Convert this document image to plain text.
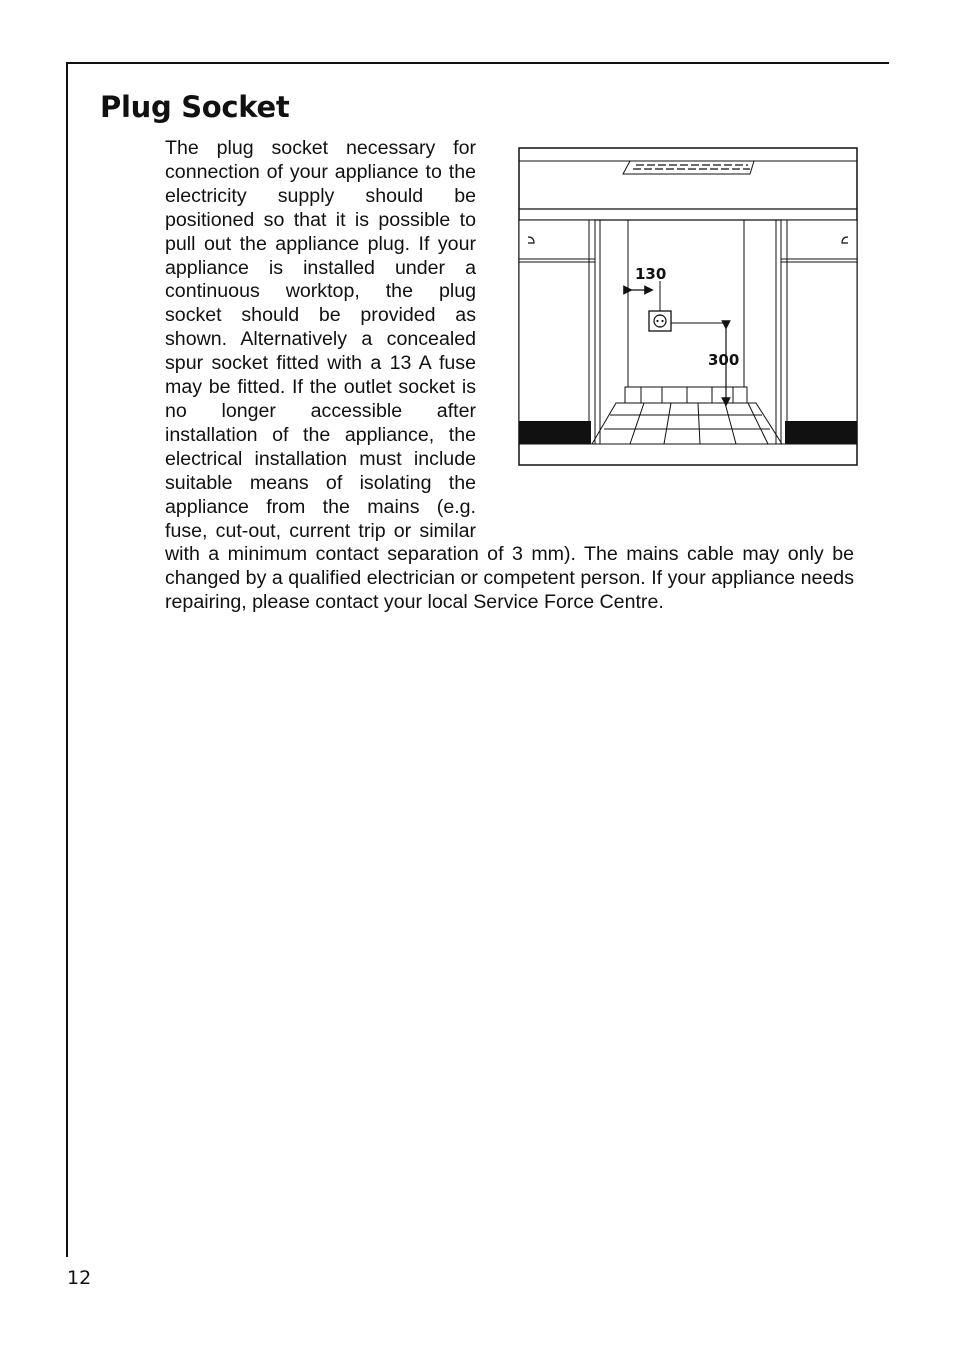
Plug Socket
The plug socket necessary for connection of your appliance to the electricity supply should be positioned so that it is possible to pull out the appliance plug. If your appliance is installed under a continuous worktop, the plug socket should be provided as shown. Alternatively a concealed spur socket fitted with a 13 A fuse may be fitted. If the outlet socket is no longer accessible after installation of the appliance, the electrical installation must include suitable means of isolating the appliance from the mains (e.g. fuse, cut-out, current trip or similar with a minimum contact separation of 3 mm). The mains cable may only be changed by a qualified electrician or competent person. If your appliance needs repairing, please contact your local Service Force Centre.
130
300
12
